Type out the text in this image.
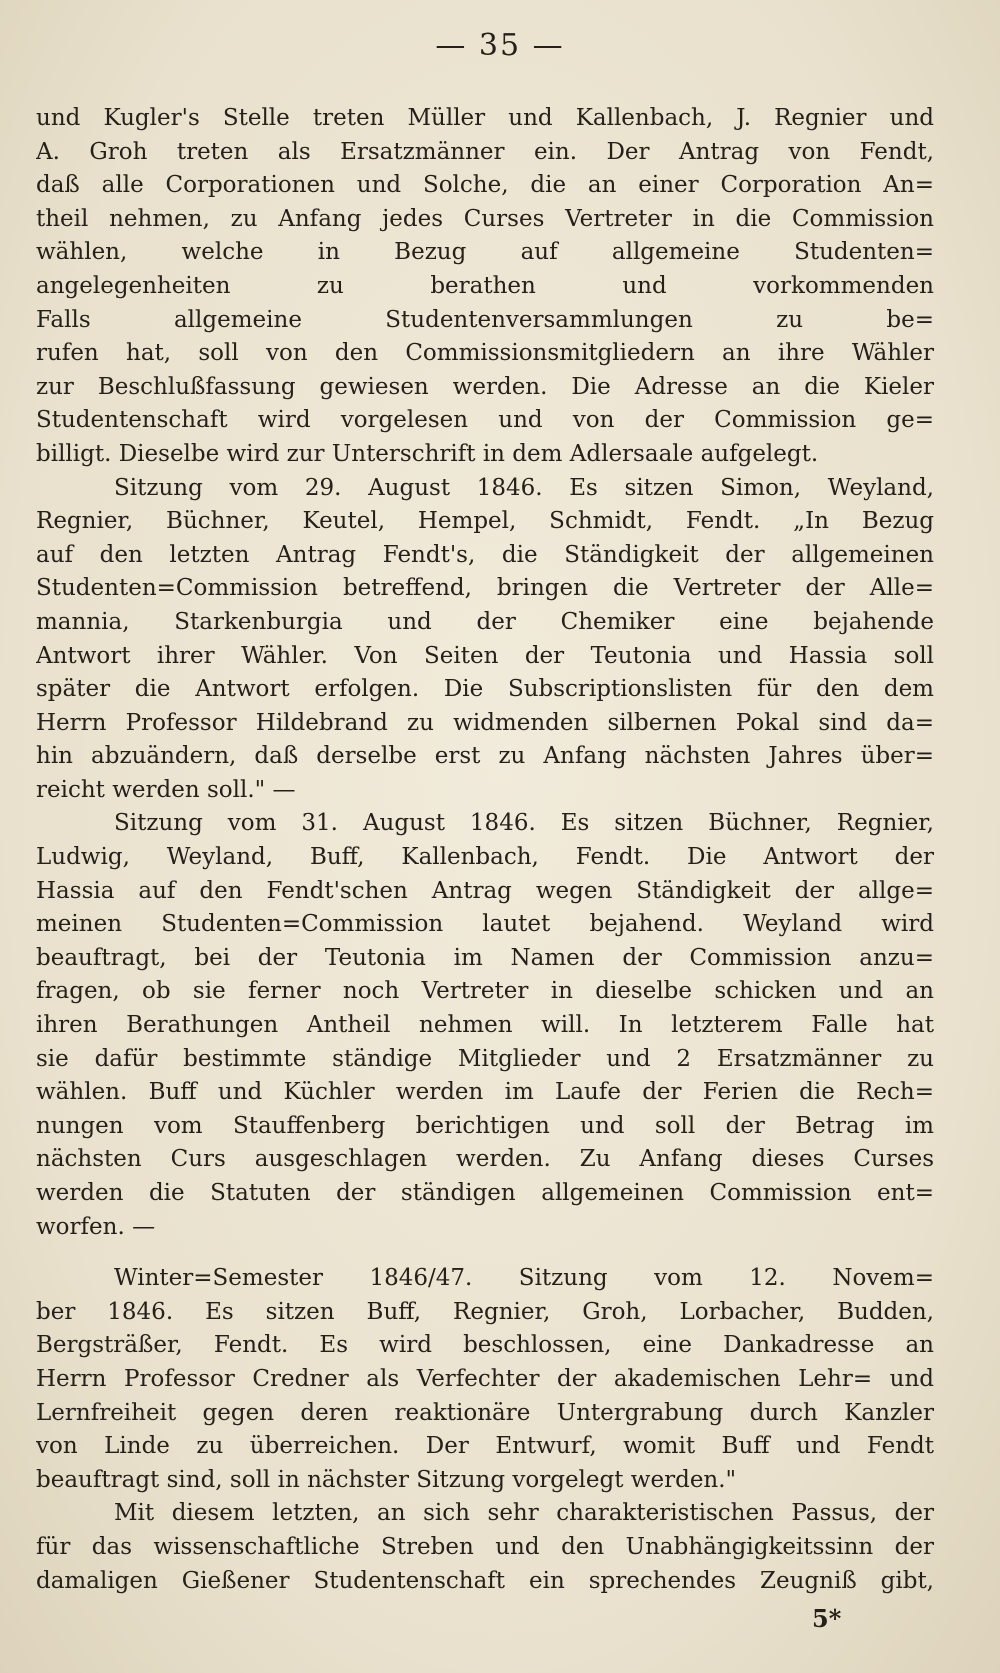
— 35 —
und Kugler's Stelle treten Müller und Kallenbach, J. Regnier und
A. Groh treten als Ersatzmänner ein. Der Antrag von Fendt,
daß alle Corporationen und Solche, die an einer Corporation An=
theil nehmen, zu Anfang jedes Curses Vertreter in die Commission
wählen, welche in Bezug auf allgemeine Studenten=
angelegenheiten zu berathen und vorkommenden
Falls allgemeine Studentenversammlungen zu be=
rufen hat, soll von den Commissionsmitgliedern an ihre Wähler
zur Beschlußfassung gewiesen werden. Die Adresse an die Kieler
Studentenschaft wird vorgelesen und von der Commission ge=
billigt. Dieselbe wird zur Unterschrift in dem Adlersaale aufgelegt.
Sitzung vom 29. August 1846. Es sitzen Simon, Weyland,
Regnier, Büchner, Keutel, Hempel, Schmidt, Fendt. „In Bezug
auf den letzten Antrag Fendt's, die Ständigkeit der allgemeinen
Studenten=Commission betreffend, bringen die Vertreter der Alle=
mannia, Starkenburgia und der Chemiker eine bejahende
Antwort ihrer Wähler. Von Seiten der Teutonia und Hassia soll
später die Antwort erfolgen. Die Subscriptionslisten für den dem
Herrn Professor Hildebrand zu widmenden silbernen Pokal sind da=
hin abzuändern, daß derselbe erst zu Anfang nächsten Jahres über=
reicht werden soll." —
Sitzung vom 31. August 1846. Es sitzen Büchner, Regnier,
Ludwig, Weyland, Buff, Kallenbach, Fendt. Die Antwort der
Hassia auf den Fendt'schen Antrag wegen Ständigkeit der allge=
meinen Studenten=Commission lautet bejahend. Weyland wird
beauftragt, bei der Teutonia im Namen der Commission anzu=
fragen, ob sie ferner noch Vertreter in dieselbe schicken und an
ihren Berathungen Antheil nehmen will. In letzterem Falle hat
sie dafür bestimmte ständige Mitglieder und 2 Ersatzmänner zu
wählen. Buff und Küchler werden im Laufe der Ferien die Rech=
nungen vom Stauffenberg berichtigen und soll der Betrag im
nächsten Curs ausgeschlagen werden. Zu Anfang dieses Curses
werden die Statuten der ständigen allgemeinen Commission ent=
worfen. —
Winter=Semester 1846/47. Sitzung vom 12. Novem=
ber 1846. Es sitzen Buff, Regnier, Groh, Lorbacher, Budden,
Bergsträßer, Fendt. Es wird beschlossen, eine Dankadresse an
Herrn Professor Credner als Verfechter der akademischen Lehr= und
Lernfreiheit gegen deren reaktionäre Untergrabung durch Kanzler
von Linde zu überreichen. Der Entwurf, womit Buff und Fendt
beauftragt sind, soll in nächster Sitzung vorgelegt werden."
Mit diesem letzten, an sich sehr charakteristischen Passus, der
für das wissenschaftliche Streben und den Unabhängigkeitssinn der
damaligen Gießener Studentenschaft ein sprechendes Zeugniß gibt,
5*
